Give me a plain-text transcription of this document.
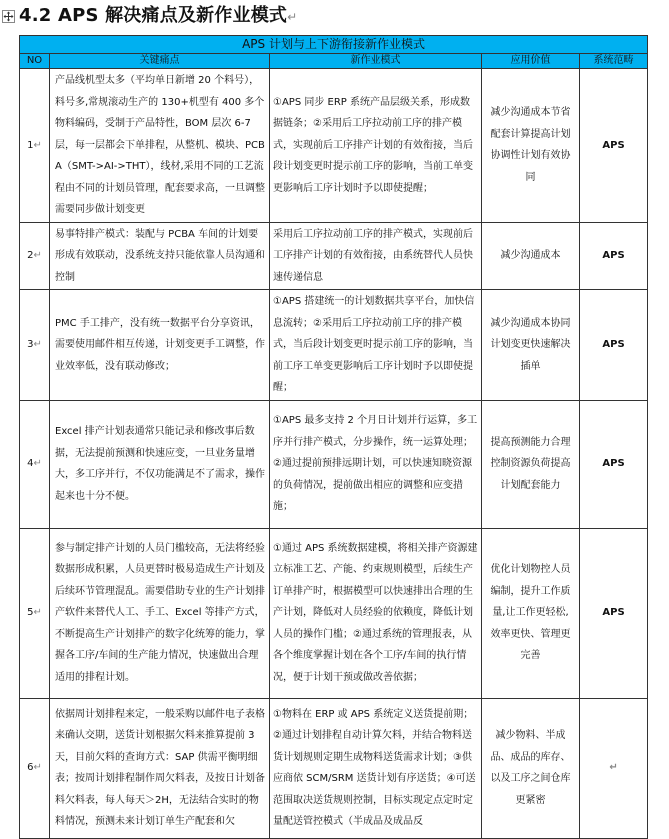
4.2 APS 解决痛点及新作业模式↵
APS 计划与上下游衔接新作业模式				
NO	关键痛点	新作业模式	应用价值	系统范畴
1↵	产品线机型太多（平均单日新增 20 个料号），料号多,常规滚动生产的 130+机型有 400 多个物料编码，受制于产品特性，BOM 层次 6-7 层，每一层都会下单排程，从整机、模块、PCBA（SMT->AI->THT），线材,采用不同的工艺流程由不同的计划员管理，配套要求高，一旦调整需要同步做计划变更	①APS 同步 ERP 系统产品层级关系，形成数据链条；②采用后工序拉动前工序的排产模式，实现前后工序排产计划的有效衔接，当后段计划变更时提示前工序的影响，当前工单变更影响后工序计划时予以即使提醒；	减少沟通成本节省配套计算提高计划协调性计划有效协同	APS
2↵	易事特排产模式：装配与 PCBA 车间的计划要形成有效联动，没系统支持只能依靠人员沟通和控制	采用后工序拉动前工序的排产模式，实现前后工序排产计划的有效衔接，由系统替代人员快速传递信息	减少沟通成本	APS
3↵	PMC 手工排产，没有统一数据平台分享资讯，需要使用邮件相互传递，计划变更手工调整，作业效率低，没有联动修改；	①APS 搭建统一的计划数据共享平台，加快信息流转；②采用后工序拉动前工序的排产模式，当后段计划变更时提示前工序的影响，当前工序工单变更影响后工序计划时予以即使提醒；	减少沟通成本协同计划变更快速解决插单	APS
4↵	Excel 排产计划表通常只能记录和修改事后数据，无法提前预测和快速应变，一旦业务量增大，多工序并行，不仅功能满足不了需求，操作起来也十分不便。	①APS 最多支持 2 个月日计划并行运算，多工序并行排产模式，分步操作，统一运算处理；②通过提前预排远期计划，可以快速知晓资源的负荷情况，提前做出相应的调整和应变措施；	提高预测能力合理控制资源负荷提高计划配套能力	APS
5↵	参与制定排产计划的人员门槛较高，无法将经验数据形成积累，人员更替时极易造成生产计划及后续环节管理混乱。需要借助专业的生产计划排产软件来替代人工、手工、Excel 等排产方式，不断提高生产计划排产的数字化统筹的能力，掌握各工序/车间的生产能力情况，快速做出合理适用的排程计划。	①通过 APS 系统数据建模，将相关排产资源建立标准工艺、产能、约束规则模型，后续生产订单排产时，根据模型可以快速排出合理的生产计划，降低对人员经验的依赖度，降低计划人员的操作门槛；②通过系统的管理报表，从各个维度掌握计划在各个工序/车间的执行情况，便于计划干预或做改善依据；	优化计划物控人员编制，提升工作质量,让工作更轻松,效率更快、管理更完善	APS
6↵	依据周计划排程来定，一般采购以邮件电子表格来确认交期，送货计划根据欠料来推算提前 3 天，目前欠料的查询方式：SAP 供需平衡明细表；按周计划排程制作周欠料表，及按日计划备料欠料表，每人每天＞2H，无法结合实时的物料情况，预测未来计划订单生产配套和欠	①物料在 ERP 或 APS 系统定义送货提前期；②通过计划排程自动计算欠料，并结合物料送货计划规则定期生成物料送货需求计划；③供应商依 SCM/SRM 送货计划有序送货；④可送范围取决送货规则控制，目标实现定点定时定量配送管控模式（半成品及成品反	减少物料、半成品、成品的库存、以及工序之间仓库更紧密	↵
